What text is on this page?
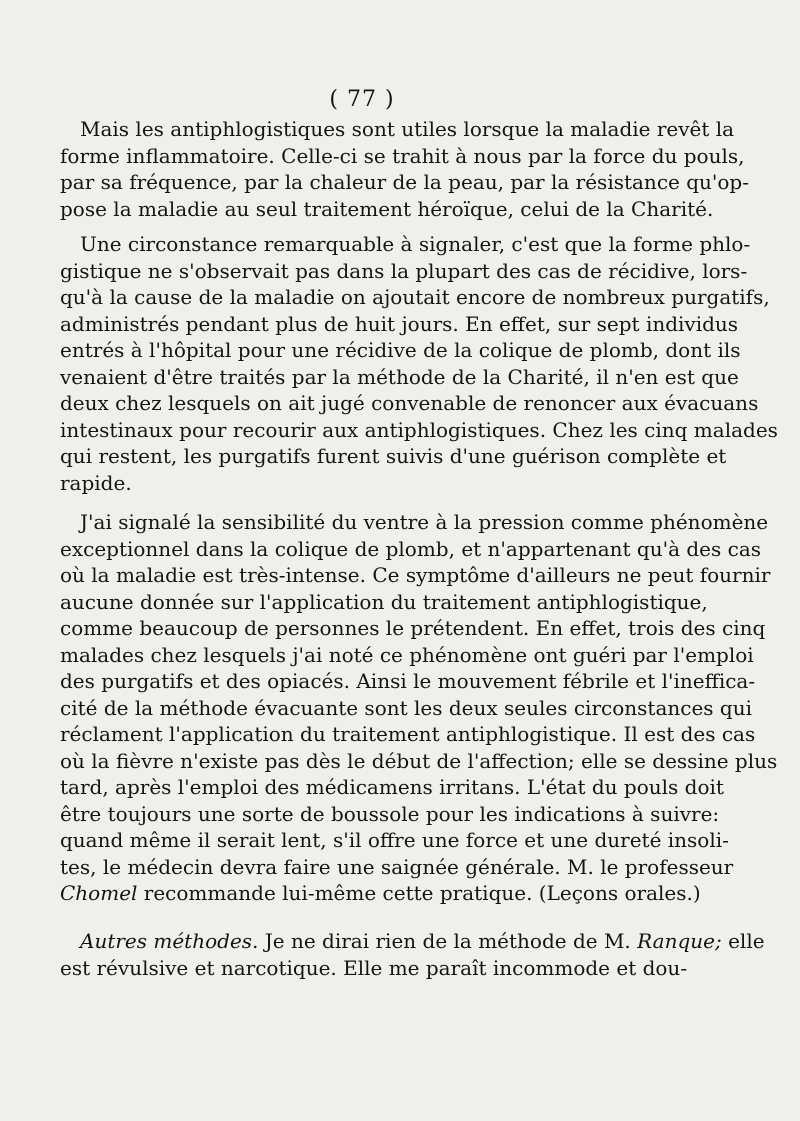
( 77 )
Mais les antiphlogistiques sont utiles lorsque la maladie revêt la
forme inflammatoire. Celle-ci se trahit à nous par la force du pouls,
par sa fréquence, par la chaleur de la peau, par la résistance qu'op-
pose la maladie au seul traitement héroïque, celui de la Charité.
Une circonstance remarquable à signaler, c'est que la forme phlo-
gistique ne s'observait pas dans la plupart des cas de récidive, lors-
qu'à la cause de la maladie on ajoutait encore de nombreux purgatifs,
administrés pendant plus de huit jours. En effet, sur sept individus
entrés à l'hôpital pour une récidive de la colique de plomb, dont ils
venaient d'être traités par la méthode de la Charité, il n'en est que
deux chez lesquels on ait jugé convenable de renoncer aux évacuans
intestinaux pour recourir aux antiphlogistiques. Chez les cinq malades
qui restent, les purgatifs furent suivis d'une guérison complète et
rapide.
J'ai signalé la sensibilité du ventre à la pression comme phénomène
exceptionnel dans la colique de plomb, et n'appartenant qu'à des cas
où la maladie est très-intense. Ce symptôme d'ailleurs ne peut fournir
aucune donnée sur l'application du traitement antiphlogistique,
comme beaucoup de personnes le prétendent. En effet, trois des cinq
malades chez lesquels j'ai noté ce phénomène ont guéri par l'emploi
des purgatifs et des opiacés. Ainsi le mouvement fébrile et l'ineffica-
cité de la méthode évacuante sont les deux seules circonstances qui
réclament l'application du traitement antiphlogistique. Il est des cas
où la fièvre n'existe pas dès le début de l'affection; elle se dessine plus
tard, après l'emploi des médicamens irritans. L'état du pouls doit
être toujours une sorte de boussole pour les indications à suivre:
quand même il serait lent, s'il offre une force et une dureté insoli-
tes, le médecin devra faire une saignée générale. M. le professeur
Chomel recommande lui-même cette pratique. (Leçons orales.)
Autres méthodes. Je ne dirai rien de la méthode de M. Ranque; elle
est révulsive et narcotique. Elle me paraît incommode et dou-
